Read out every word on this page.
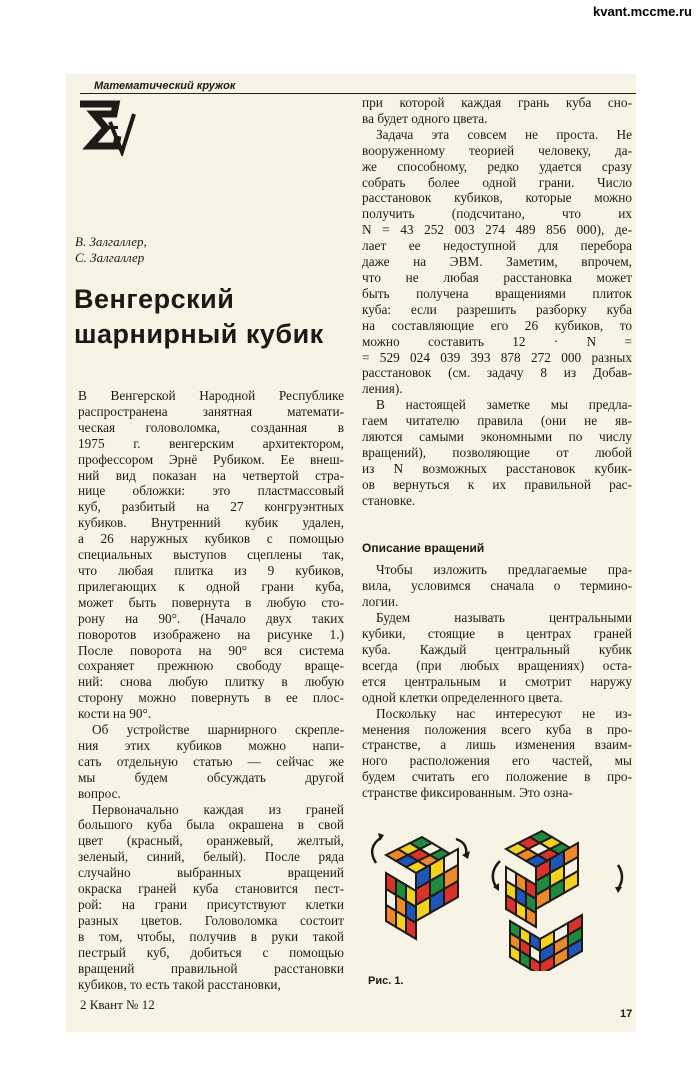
kvant.mccme.ru
Математический кружок
В. Залгаллер,
С. Залгаллер
Венгерский
шарнирный кубик
В Венгерской Народной Республике
распространена занятная математи-
ческая головоломка, созданная в
1975 г. венгерским архитектором,
профессором Эрнё Рубиком. Ее внеш-
ний вид показан на четвертой стра-
нице обложки: это пластмассовый
куб, разбитый на 27 конгруэнтных
кубиков. Внутренний кубик удален,
а 26 наружных кубиков с помощью
специальных выступов сцеплены так,
что любая плитка из 9 кубиков,
прилегающих к одной грани куба,
может быть повернута в любую сто-
рону на 90°. (Начало двух таких
поворотов изображено на рисунке 1.)
После поворота на 90° вся система
сохраняет прежнюю свободу враще-
ний: снова любую плитку в любую
сторону можно повернуть в ее плос-
кости на 90°.
Об устройстве шарнирного скрепле-
ния этих кубиков можно напи-
сать отдельную статью — сейчас же
мы будем обсуждать другой
вопрос.
Первоначально каждая из граней
большого куба была окрашена в свой
цвет (красный, оранжевый, желтый,
зеленый, синий, белый). После ряда
случайно выбранных вращений
окраска граней куба становится пест-
рой: на грани присутствуют клетки
разных цветов. Головоломка состоит
в том, чтобы, получив в руки такой
пестрый куб, добиться с помощью
вращений правильной расстановки
кубиков, то есть такой расстановки,
при которой каждая грань куба сно-
ва будет одного цвета.
Задача эта совсем не проста. Не
вооруженному теорией человеку, да-
же способному, редко удается сразу
собрать более одной грани. Число
расстановок кубиков, которые можно
получить (подсчитано, что их
N = 43 252 003 274 489 856 000), де-
лает ее недоступной для перебора
даже на ЭВМ. Заметим, впрочем,
что не любая расстановка может
быть получена вращениями плиток
куба: если разрешить разборку куба
на составляющие его 26 кубиков, то
можно составить 12 · N =
= 529 024 039 393 878 272 000 разных
расстановок (см. задачу 8 из Добав-
ления).
В настоящей заметке мы предла-
гаем читателю правила (они не яв-
ляются самыми экономными по числу
вращений), позволяющие от любой
из N возможных расстановок кубик-
ов вернуться к их правильной рас-
становке.
Описание вращений
Чтобы изложить предлагаемые пра-
вила, условимся сначала о термино-
логии.
Будем называть центральными
кубики, стоящие в центрах граней
куба. Каждый центральный кубик
всегда (при любых вращениях) оста-
ется центральным и смотрит наружу
одной клетки определенного цвета.
Поскольку нас интересуют не из-
менения положения всего куба в про-
странстве, а лишь изменения взаим-
ного расположения его частей, мы
будем считать его положение в про-
странстве фиксированным. Это озна-
Рис. 1.
2 Квант № 12
17
